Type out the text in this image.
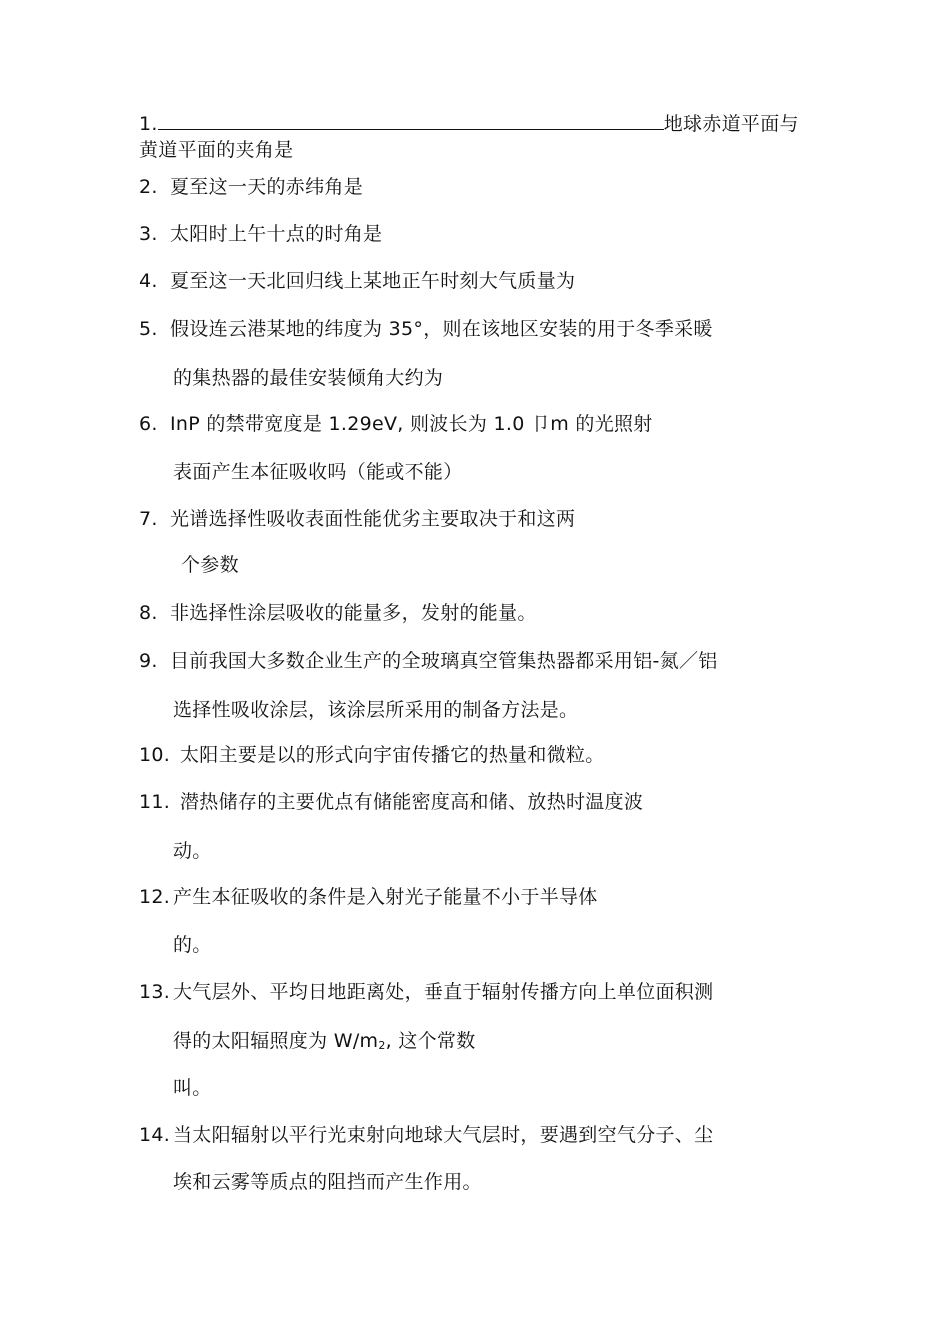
1.	地球赤道平面与
黄道平面的夹角是
2. 夏至这一天的赤纬角是
3. 太阳时上午十点的时角是
4. 夏至这一天北回归线上某地正午时刻大气质量为
5. 假设连云港某地的纬度为 35°，则在该地区安装的用于冬季采暖
的集热器的最佳安装倾角大约为
6. InP 的禁带宽度是 1.29eV, 则波长为 1.0 卩m 的光照射
表面产生本征吸收吗（能或不能）
7. 光谱选择性吸收表面性能优劣主要取决于和这两
个参数
8. 非选择性涂层吸收的能量多，发射的能量。
9. 目前我国大多数企业生产的全玻璃真空管集热器都采用铝-氮／铝
选择性吸收涂层，该涂层所采用的制备方法是。
10. 太阳主要是以的形式向宇宙传播它的热量和微粒。
11. 潜热储存的主要优点有储能密度高和储、放热时温度波
动。
12. 产生本征吸收的条件是入射光子能量不小于半导体
的。
13. 大气层外、平均日地距离处，垂直于辐射传播方向上单位面积测
得的太阳辐照度为 $W/m_2$, 这个常数
叫。
14. 当太阳辐射以平行光束射向地球大气层时，要遇到空气分子、尘
埃和云雾等质点的阻挡而产生作用。
